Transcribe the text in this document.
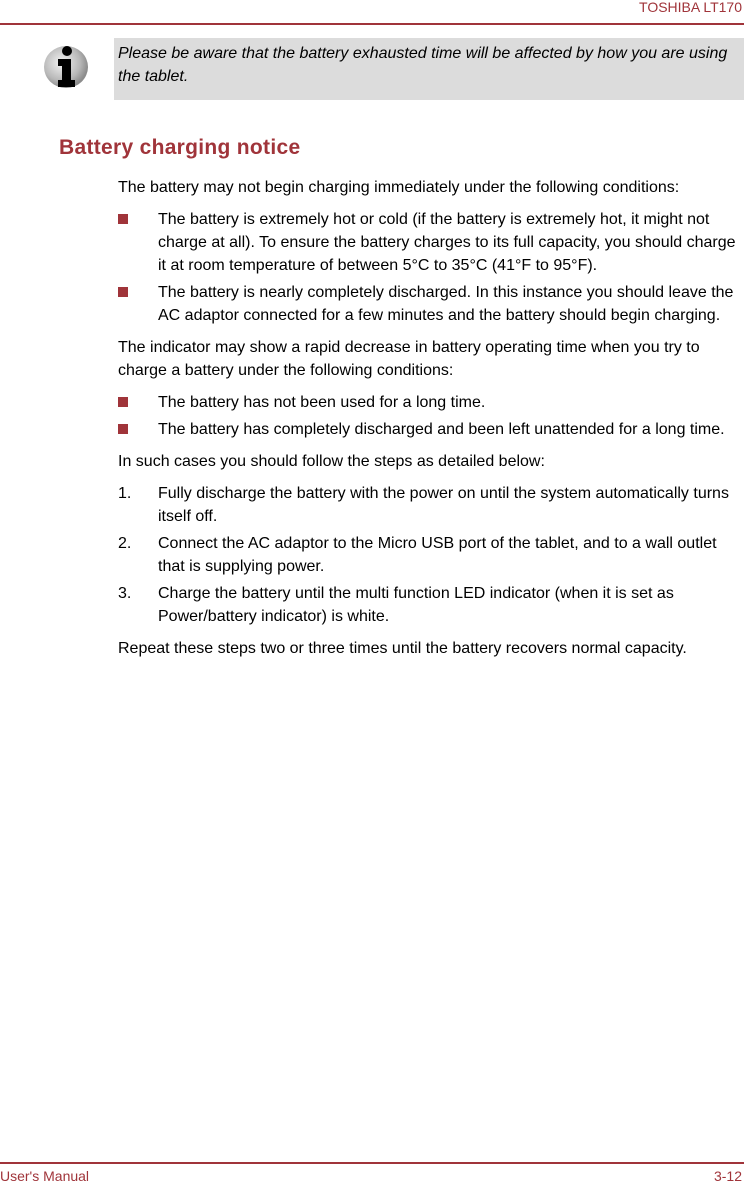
TOSHIBA LT170
Please be aware that the battery exhausted time will be affected by how you are using the tablet.
Battery charging notice

The battery may not begin charging immediately under the following conditions:

The battery is extremely hot or cold (if the battery is extremely hot, it might not charge at all). To ensure the battery charges to its full capacity, you should charge it at room temperature of between 5°C to 35°C (41°F to 95°F).
The battery is nearly completely discharged. In this instance you should leave the AC adaptor connected for a few minutes and the battery should begin charging.

The indicator may show a rapid decrease in battery operating time when you try to charge a battery under the following conditions:

The battery has not been used for a long time.
The battery has completely discharged and been left unattended for a long time.

In such cases you should follow the steps as detailed below:

1. Fully discharge the battery with the power on until the system automatically turns itself off.
2. Connect the AC adaptor to the Micro USB port of the tablet, and to a wall outlet that is supplying power.
3. Charge the battery until the multi function LED indicator (when it is set as Power/battery indicator) is white.

Repeat these steps two or three times until the battery recovers normal capacity.

User's Manual	3-12
